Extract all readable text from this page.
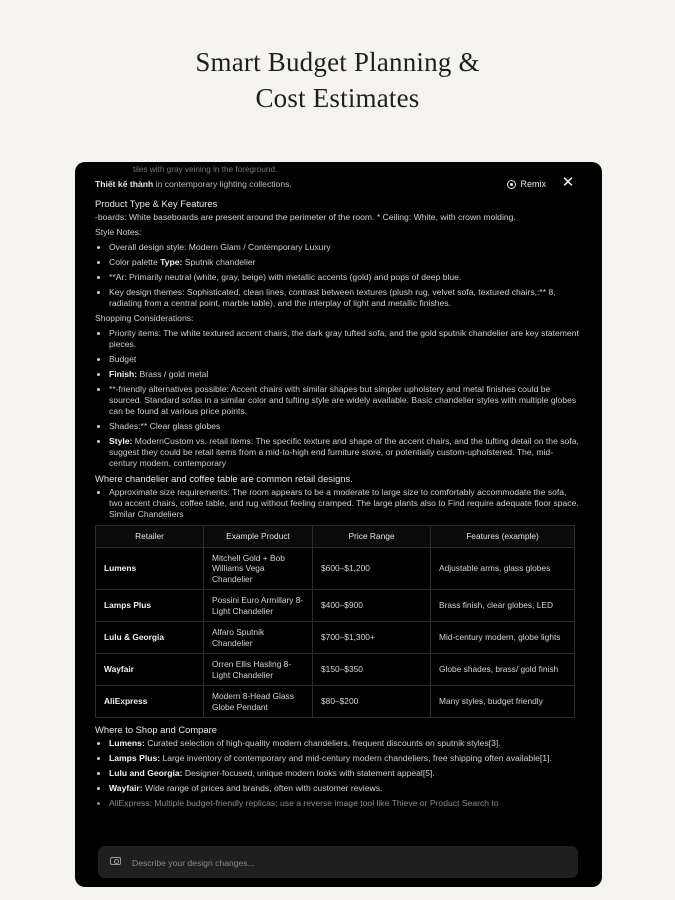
Smart Budget Planning &
Cost Estimates
tiles with gray veining in the foreground.
Thiết kế thành in contemporary lighting collections.
Product Type & Key Features

-boards: White baseboards are present around the perimeter of the room. * Ceiling: White, with crown molding.

Style Notes:

• Overall design style: Modern Glam / Contemporary Luxury
• Color palette Type: Sputnik chandelier
• **Ar: Primarily neutral (white, gray, beige) with metallic accents (gold) and pops of deep blue.
• Key design themes: Sophisticated, clean lines, contrast between textures (plush rug, velvet sofa, textured chairs,:** 8, radiating from a central point, marble table), and the interplay of light and metallic finishes.

Shopping Considerations:

• Priority items: The white textured accent chairs, the dark gray tufted sofa, and the gold sputnik chandelier are key statement pieces.
• Budget
• Finish: Brass / gold metal
• **-friendly alternatives possible: Accent chairs with similar shapes but simpler upholstery and metal finishes could be sourced. Standard sofas in a similar color and tufting style are widely available. Basic chandelier styles with multiple globes can be found at various price points.
• Shades:** Clear glass globes
• Style: ModernCustom vs. retail items: The specific texture and shape of the accent chairs, and the tufting detail on the sofa, suggest they could be retail items from a mid-to-high end furniture store, or potentially custom-upholstered. The, mid-century modern, contemporary
Where chandelier and coffee table are common retail designs.
• Approximate size requirements: The room appears to be a moderate to large size to comfortably accommodate the sofa, two accent chairs, coffee table, and rug without feeling cramped. The large plants also to Find require adequate floor space. Similar Chandeliers
Retailer	Example Product	Price Range	Features (example)
Lumens	Mitchell Gold + Bob Williams Vega Chandelier	$600–$1,200	Adjustable arms, glass globes
Lamps Plus	Possini Euro Armillary 8-Light Chandelier	$400–$900	Brass finish, clear globes, LED
Lulu & Georgia	Alfaro Sputnik Chandelier	$700–$1,300+	Mid-century modern, globe lights
Wayfair	Orren Ellis Hasling 8-Light Chandelier	$150–$350	Globe shades, brass/ gold finish
AliExpress	Modern 8-Head Glass Globe Pendant	$80–$200	Many styles, budget friendly
Where to Shop and Compare
• Lumens: Curated selection of high-quality modern chandeliers, frequent discounts on sputnik styles[3].
• Lamps Plus: Large inventory of contemporary and mid-century modern chandeliers, free shipping often available[1].
• Lulu and Georgia: Designer-focused, unique modern looks with statement appeal[5].
• Wayfair: Wide range of prices and brands, often with customer reviews.
• AliExpress: Multiple budget-friendly replicas; use a reverse image tool like Thieve or Product Search to
Remix ✕
Describe your design changes...
